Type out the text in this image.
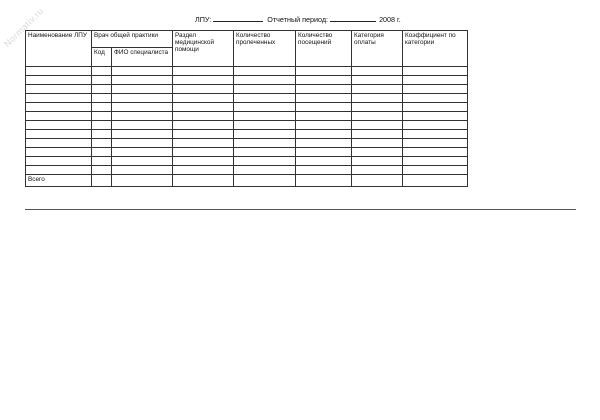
Normativ.ru	ЛПУ:	Отчетный период:	2008 г.
Наименование ЛПУ	Врач общей практики		Раздел медицинской помощи	Количество пролеченных	Количество посещений	Категория оплаты	Коэффициент по категории
	Код	ФИО специалиста					

Всего							
